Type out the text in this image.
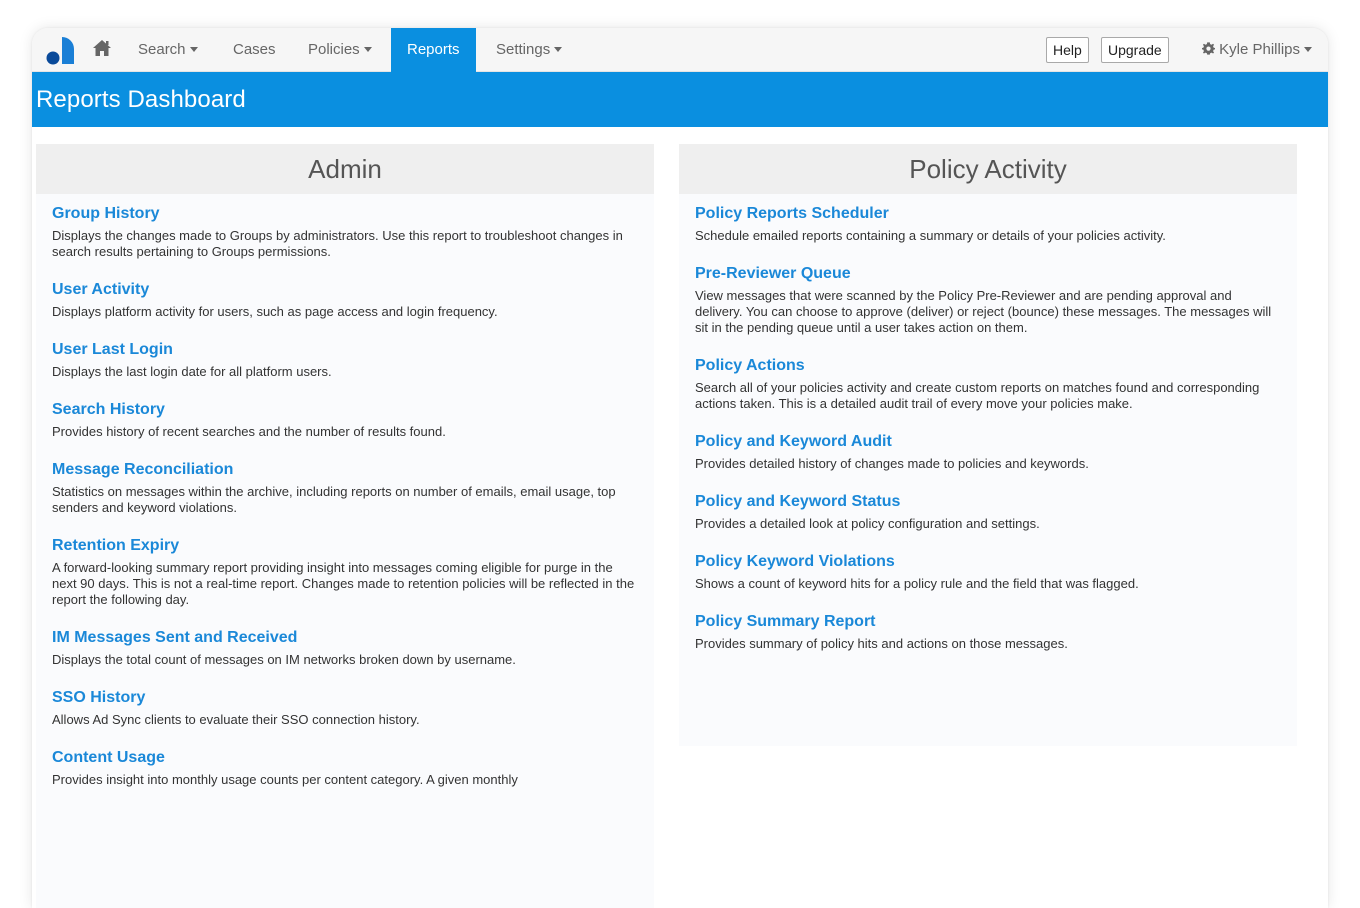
Search	Cases Policies	Reports	Settings	Help	Upgrade	Kyle Phillips
Reports Dashboard
Admin
Group History

Displays the changes made to Groups by administrators. Use this report to troubleshoot changes in search results pertaining to Groups permissions.

User Activity

Displays platform activity for users, such as page access and login frequency.

User Last Login

Displays the last login date for all platform users.

Search History

Provides history of recent searches and the number of results found.

Message Reconciliation

Statistics on messages within the archive, including reports on number of emails, email usage, top senders and keyword violations.

Retention Expiry

A forward-looking summary report providing insight into messages coming eligible for purge in the next 90 days. This is not a real-time report. Changes made to retention policies will be reflected in the report the following day.

IM Messages Sent and Received

Displays the total count of messages on IM networks broken down by username.

SSO History

Allows Ad Sync clients to evaluate their SSO connection history.

Content Usage

Provides insight into monthly usage counts per content category. A given monthly

Policy Activity
Policy Reports Scheduler

Schedule emailed reports containing a summary or details of your policies activity.

Pre-Reviewer Queue

View messages that were scanned by the Policy Pre-Reviewer and are pending approval and delivery. You can choose to approve (deliver) or reject (bounce) these messages. The messages will sit in the pending queue until a user takes action on them.

Policy Actions

Search all of your policies activity and create custom reports on matches found and corresponding actions taken. This is a detailed audit trail of every move your policies make.

Policy and Keyword Audit

Provides detailed history of changes made to policies and keywords.

Policy and Keyword Status

Provides a detailed look at policy configuration and settings.

Policy Keyword Violations

Shows a count of keyword hits for a policy rule and the field that was flagged.

Policy Summary Report

Provides summary of policy hits and actions on those messages.
